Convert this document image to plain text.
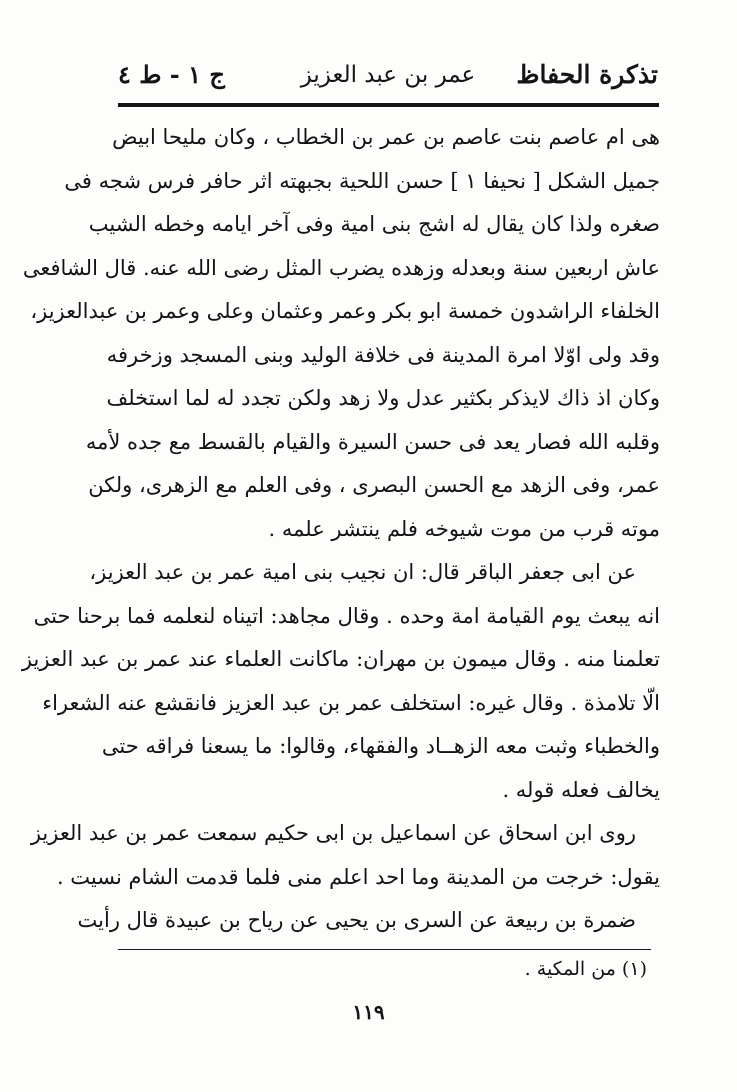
تذكرة الحفاظ
عمر بن عبد العزيز
ج ١ - ط ٤
هى ام عاصم بنت عاصم بن عمر بن الخطاب ، وكان مليحا ابيض
جميل الشكل [ نحيفا ١ ] حسن اللحية بجبهته اثر حافر فرس شجه فى
صغره ولذا كان يقال له اشج بنى امية وفى آخر ايامه وخطه الشيب
عاش اربعين سنة وبعدله وزهده يضرب المثل رضى الله عنه. قال الشافعى
الخلفاء الراشدون خمسة ابو بكر وعمر وعثمان وعلى وعمر بن عبدالعزيز،
وقد ولى اوّلا امرة المدينة فى خلافة الوليد وبنى المسجد وزخرفه
وكان اذ ذاك لايذكر بكثير عدل ولا زهد ولكن تجدد له لما استخلف
وقلبه الله فصار يعد فى حسن السيرة والقيام بالقسط مع جده لأمه
عمر، وفى الزهد مع الحسن البصرى ، وفى العلم مع الزهرى، ولكن
موته قرب من موت شيوخه فلم ينتشر علمه .
عن ابى جعفر الباقر قال: ان نجيب بنى امية عمر بن عبد العزيز،
انه يبعث يوم القيامة امة وحده . وقال مجاهد: اتيناه لنعلمه فما برحنا حتى
تعلمنا منه . وقال ميمون بن مهران: ماكانت العلماء عند عمر بن عبد العزيز
الّا تلامذة . وقال غيره: استخلف عمر بن عبد العزيز فانقشع عنه الشعراء
والخطباء وثبت معه الزهــاد والفقهاء، وقالوا: ما يسعنا فراقه حتى
يخالف فعله قوله .
روى ابن اسحاق عن اسماعيل بن ابى حكيم سمعت عمر بن عبد العزيز
يقول: خرجت من المدينة وما احد اعلم منى فلما قدمت الشام نسيت .
ضمرة بن ربيعة عن السرى بن يحيى عن رياح بن عبيدة قال رأيت
(١) من المكية .
١١٩
